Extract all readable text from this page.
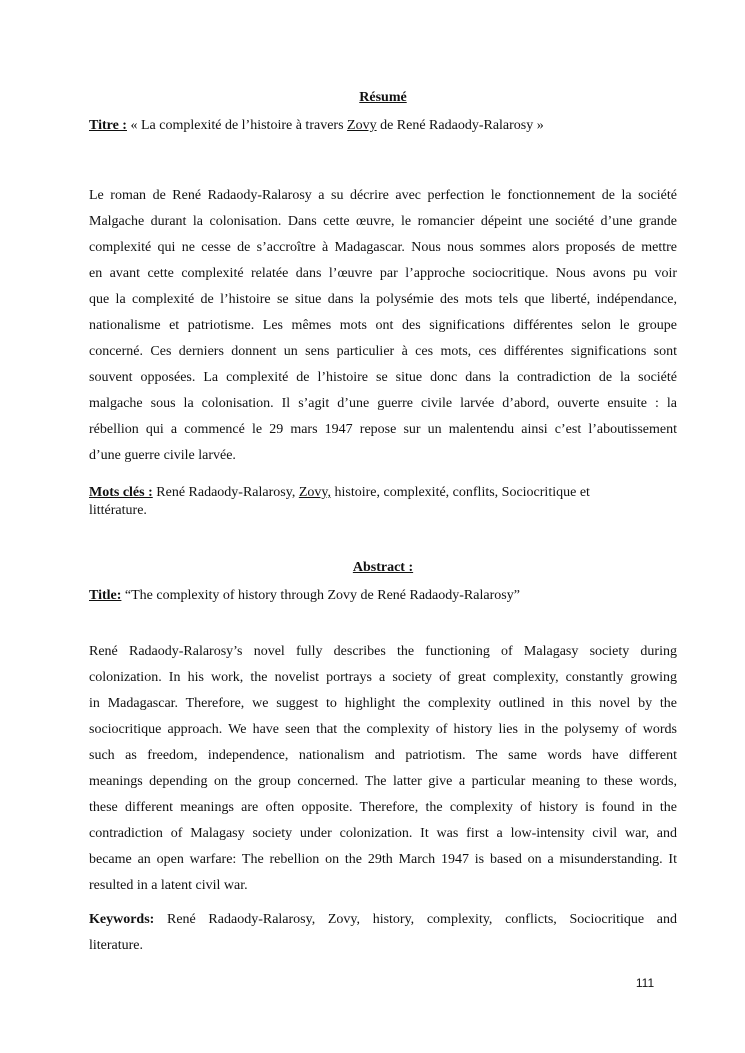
Résumé
Titre : « La complexité de l’histoire à travers Zovy de René Radaody-Ralarosy »
Le roman de René Radaody-Ralarosy a su décrire avec perfection le fonctionnement de la société
Malgache durant la colonisation. Dans cette œuvre, le romancier dépeint une société d’une grande
complexité qui ne cesse de s’accroître à Madagascar. Nous nous sommes alors proposés de mettre
en avant cette complexité relatée dans l’œuvre par l’approche sociocritique. Nous avons pu voir
que la complexité de l’histoire se situe dans la polysémie des mots tels que liberté, indépendance,
nationalisme et patriotisme. Les mêmes mots ont des significations différentes selon le groupe
concerné. Ces derniers donnent un sens particulier à ces mots, ces différentes significations sont
souvent opposées. La complexité de l’histoire se situe donc dans la contradiction de la société
malgache sous la colonisation. Il s’agit d’une guerre civile larvée d’abord, ouverte ensuite : la
rébellion qui a commencé le 29 mars 1947 repose sur un malentendu ainsi c’est l’aboutissement
d’une guerre civile larvée.
Mots clés : René Radaody-Ralarosy, Zovy, histoire, complexité, conflits, Sociocritique et
littérature.
Abstract :
Title: “The complexity of history through Zovy de René Radaody-Ralarosy”
René Radaody-Ralarosy’s novel fully describes the functioning of Malagasy society during
colonization. In his work, the novelist portrays a society of great complexity, constantly growing
in Madagascar. Therefore, we suggest to highlight the complexity outlined in this novel by the
sociocritique approach. We have seen that the complexity of history lies in the polysemy of words
such as freedom, independence, nationalism and patriotism. The same words have different
meanings depending on the group concerned. The latter give a particular meaning to these words,
these different meanings are often opposite. Therefore, the complexity of history is found in the
contradiction of Malagasy society under colonization. It was first a low-intensity civil war, and
became an open warfare: The rebellion on the 29th March 1947 is based on a misunderstanding. It
resulted in a latent civil war.
Keywords: René Radaody-Ralarosy, Zovy, history, complexity, conflicts, Sociocritique and
literature.
111
